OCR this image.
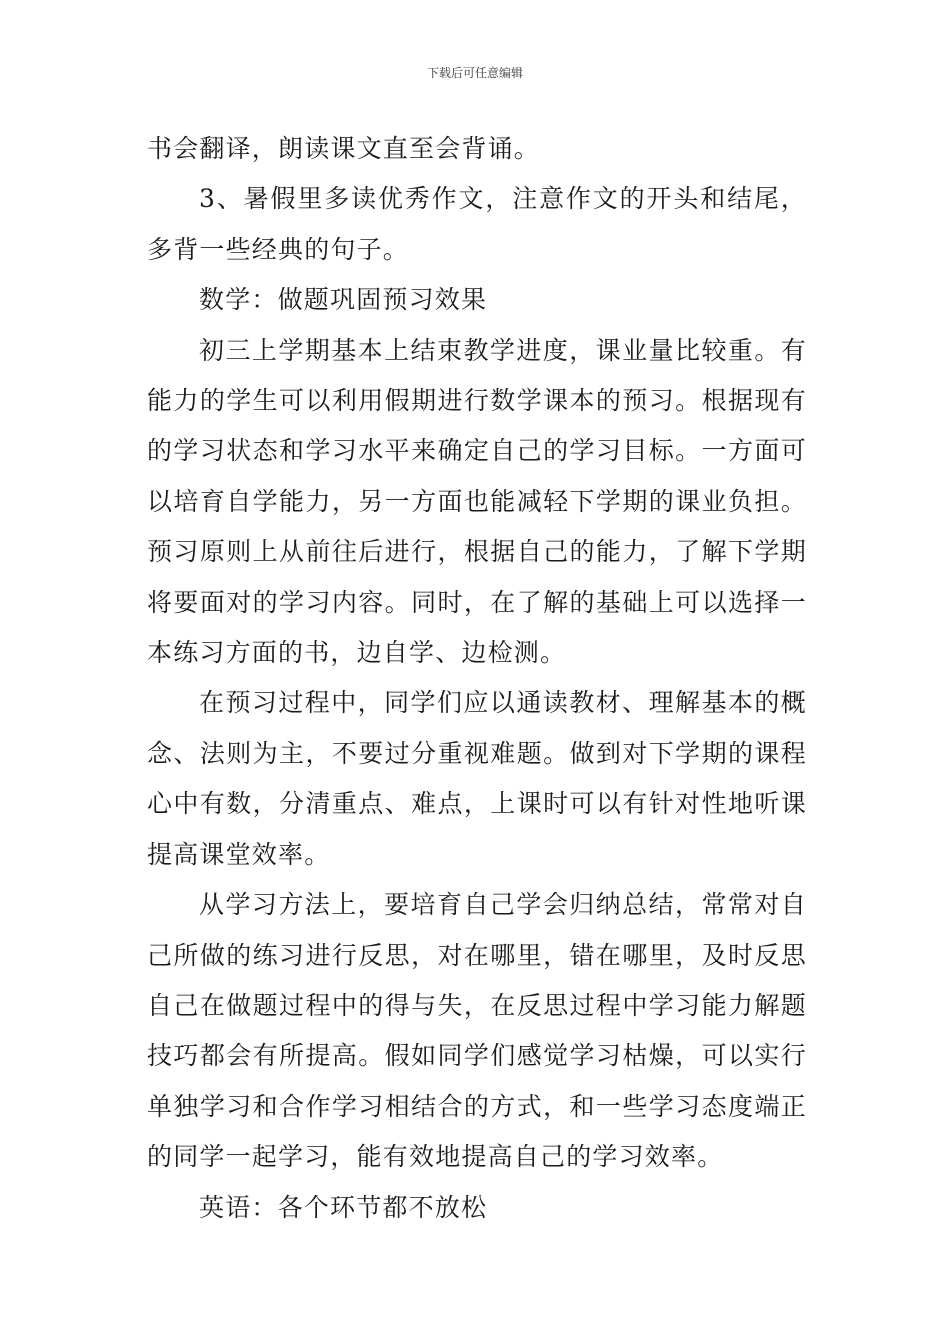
下载后可任意编辑

书会翻译，朗读课文直至会背诵。

3、暑假里多读优秀作文，注意作文的开头和结尾，多背一些经典的句子。

数学：做题巩固预习效果

初三上学期基本上结束教学进度，课业量比较重。有能力的学生可以利用假期进行数学课本的预习。根据现有的学习状态和学习水平来确定自己的学习目标。一方面可以培育自学能力，另一方面也能减轻下学期的课业负担。预习原则上从前往后进行，根据自己的能力，了解下学期将要面对的学习内容。同时，在了解的基础上可以选择一本练习方面的书，边自学、边检测。

在预习过程中，同学们应以通读教材、理解基本的概念、法则为主，不要过分重视难题。做到对下学期的课程心中有数，分清重点、难点，上课时可以有针对性地听课提高课堂效率。

从学习方法上，要培育自己学会归纳总结，常常对自己所做的练习进行反思，对在哪里，错在哪里，及时反思自己在做题过程中的得与失，在反思过程中学习能力解题技巧都会有所提高。假如同学们感觉学习枯燥，可以实行单独学习和合作学习相结合的方式，和一些学习态度端正的同学一起学习，能有效地提高自己的学习效率。

英语：各个环节都不放松
